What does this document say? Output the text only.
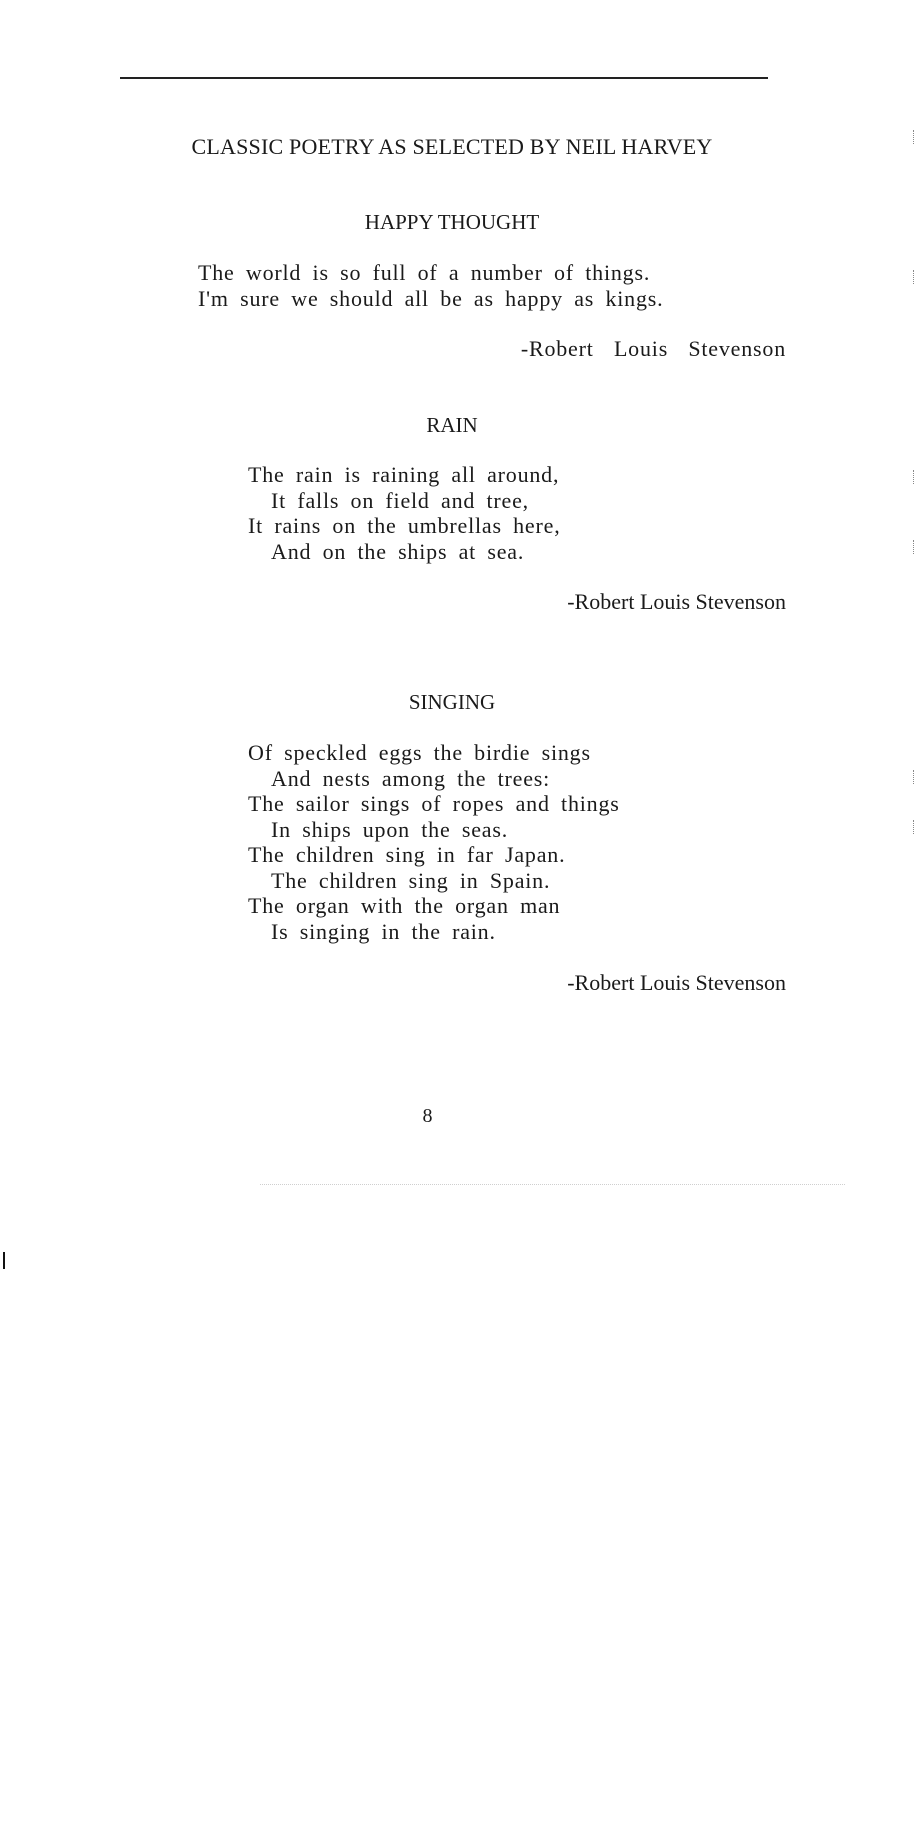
CLASSIC POETRY AS SELECTED BY NEIL HARVEY
HAPPY THOUGHT
The world is so full of a number of things.
I'm sure we should all be as happy as kings.
-Robert Louis Stevenson
RAIN
The rain is raining all around,
It falls on field and tree,
It rains on the umbrellas here,
And on the ships at sea.
-Robert Louis Stevenson
SINGING
Of speckled eggs the birdie sings
And nests among the trees:
The sailor sings of ropes and things
In ships upon the seas.
The children sing in far Japan.
The children sing in Spain.
The organ with the organ man
Is singing in the rain.
-Robert Louis Stevenson
8
